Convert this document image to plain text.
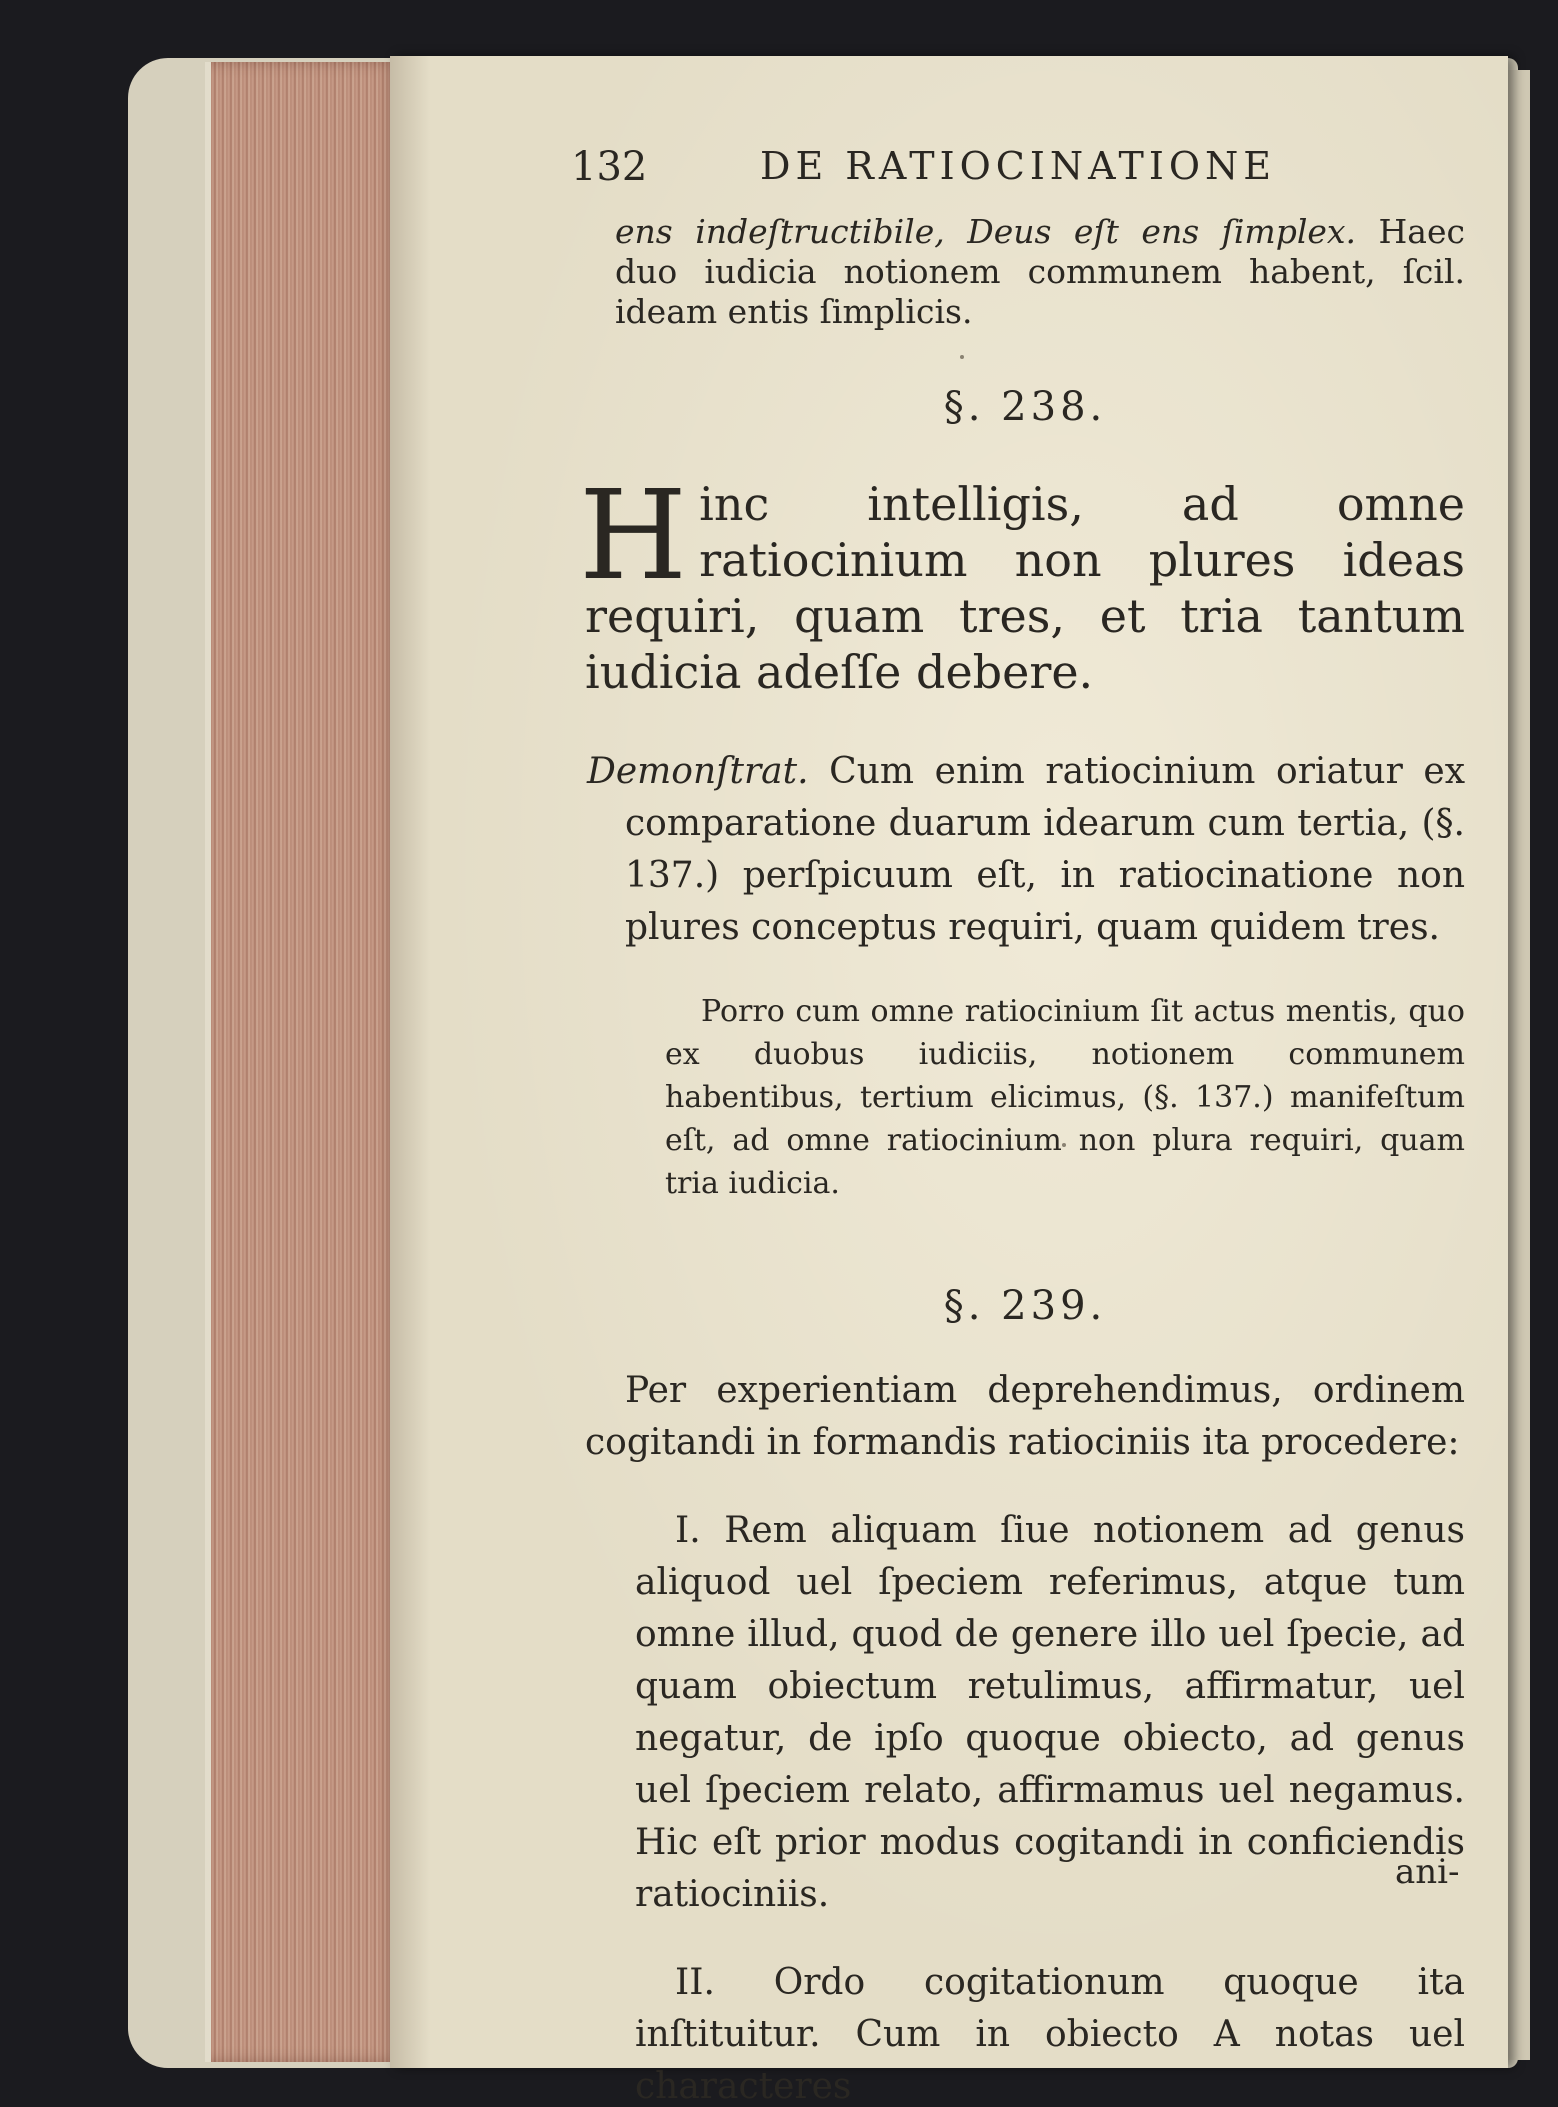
132	DE RATIOCINATIONE

ens indeſtructibile, Deus eſt ens ſimplex. Haec duo iudicia notionem communem habent, ſcil. ideam entis ſimplicis.

§. 238.

Hinc intelligis, ad omne ratiocinium non plures ideas requiri, quam tres, et tria tantum iudicia adeſſe debere.

Demonſtrat. Cum enim ratiocinium oriatur ex comparatione duarum idearum cum tertia, (§. 137.) perſpicuum eſt, in ratiocinatione non plures conceptus requiri, quam quidem tres.

Porro cum omne ratiocinium ſit actus mentis, quo ex duobus iudiciis, notionem communem habentibus, tertium elicimus, (§. 137.) manifeſtum eſt, ad omne ratiocinium non plura requiri, quam tria iudicia.

§. 239.

Per experientiam deprehendimus, ordinem cogitandi in formandis ratiociniis ita procedere:

I. Rem aliquam ſiue notionem ad genus aliquod uel ſpeciem referimus, atque tum omne illud, quod de genere illo uel ſpecie, ad quam obiectum retulimus, affirmatur, uel negatur, de ipſo quoque obiecto, ad genus uel ſpeciem relato, affirmamus uel negamus. Hic eſt prior modus cogitandi in conficiendis ratiociniis.

II. Ordo cogitationum quoque ita inſtituitur. Cum in obiecto A notas uel characteres

ani-
